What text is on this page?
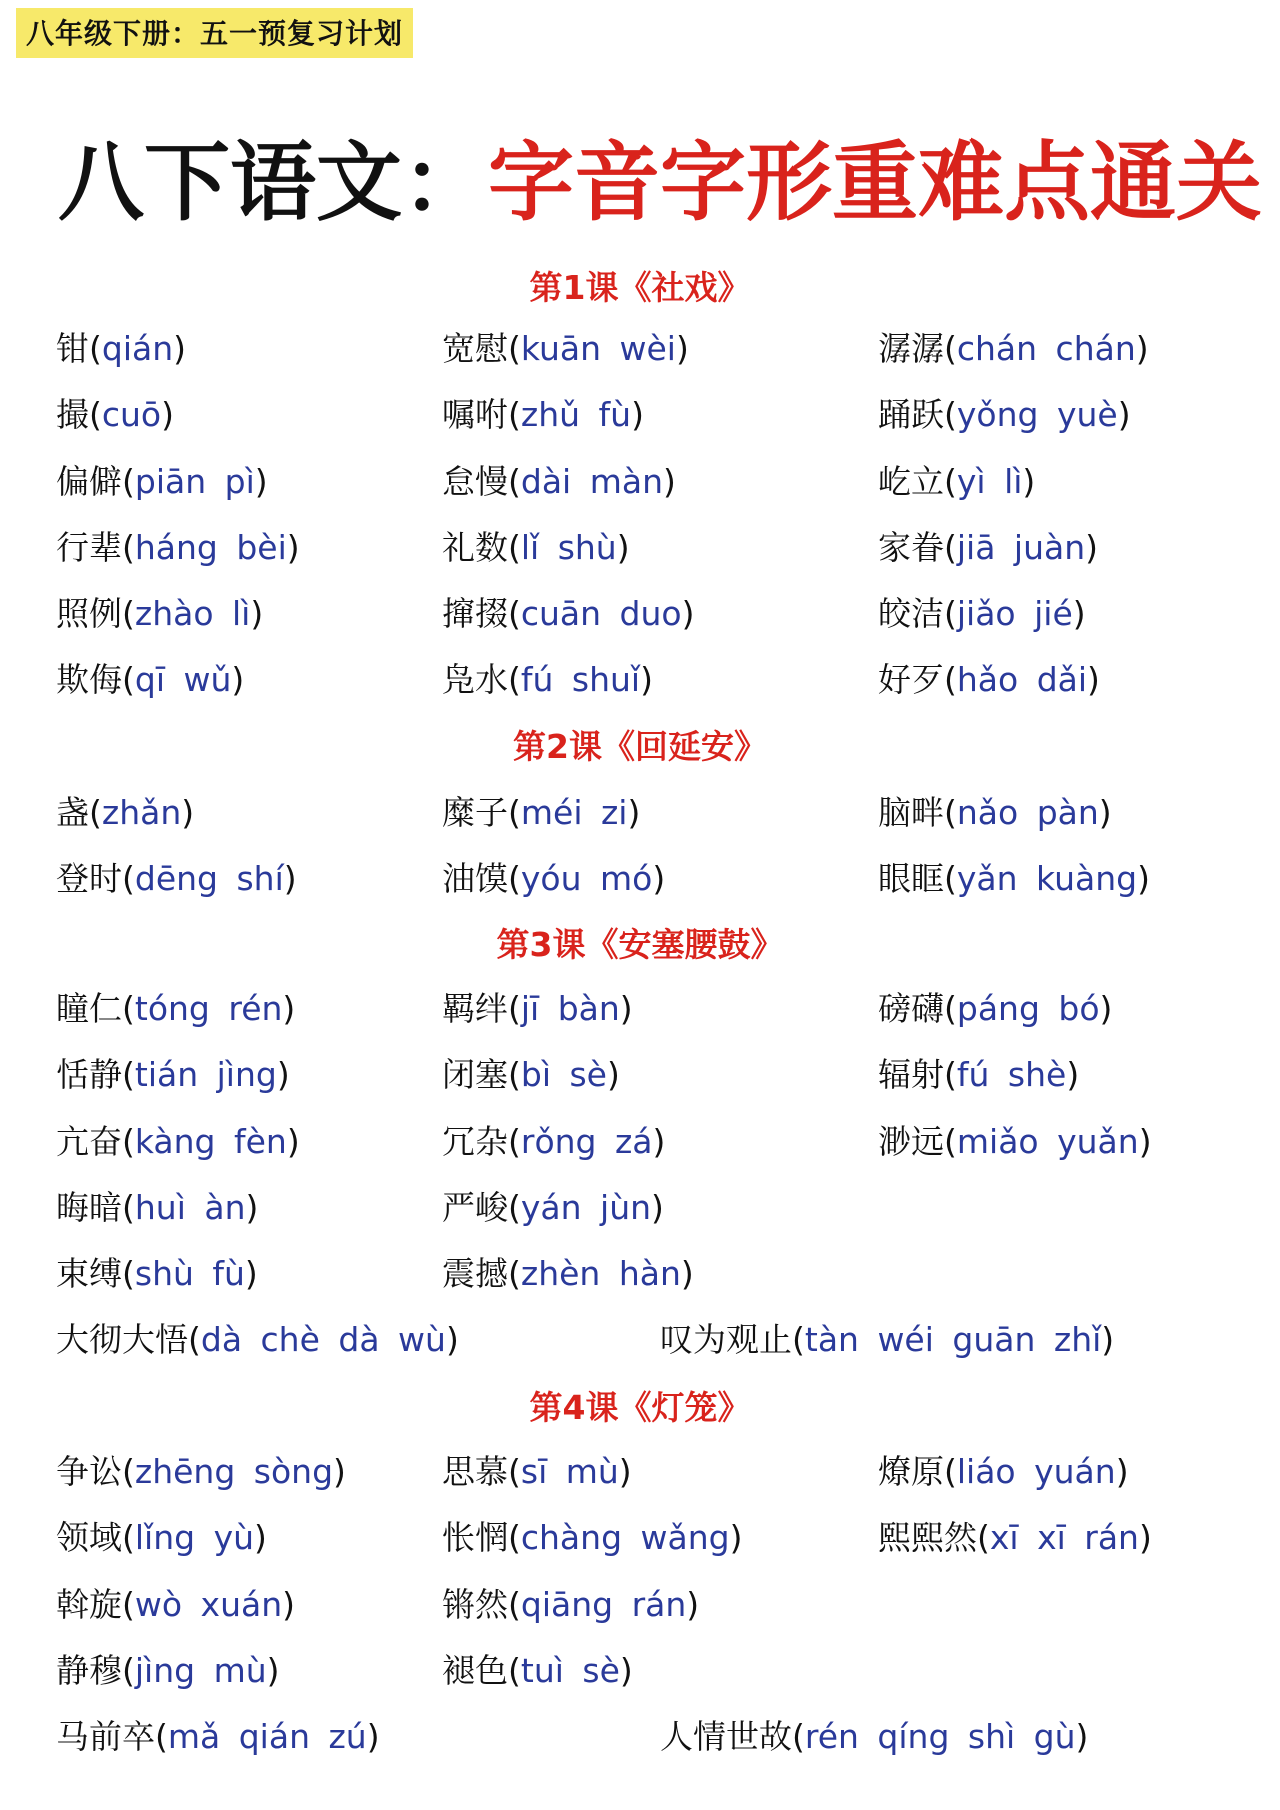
八年级下册：五一预复习计划
八下语文：字音字形重难点通关
第1课《社戏》
钳(qián)	宽慰(kuān wèi)	潺潺(chán chán)
撮(cuō)	嘱咐(zhǔ fù)	踊跃(yǒng yuè)
偏僻(piān pì)	怠慢(dài màn)	屹立(yì lì)
行辈(háng bèi)	礼数(lǐ shù)	家眷(jiā juàn)
照例(zhào lì)	撺掇(cuān duo)	皎洁(jiǎo jié)
欺侮(qī wǔ)	凫水(fú shuǐ)	好歹(hǎo dǎi)
第2课《回延安》
盏(zhǎn)	糜子(méi zi)	脑畔(nǎo pàn)
登时(dēng shí)	油馍(yóu mó)	眼眶(yǎn kuàng)
第3课《安塞腰鼓》
瞳仁(tóng rén)	羁绊(jī bàn)	磅礴(páng bó)
恬静(tián jìng)	闭塞(bì sè)	辐射(fú shè)
亢奋(kàng fèn)	冗杂(rǒng zá)	渺远(miǎo yuǎn)
晦暗(huì àn)	严峻(yán jùn)
束缚(shù fù)	震撼(zhèn hàn)
大彻大悟(dà chè dà wù)	叹为观止(tàn wéi guān zhǐ)
第4课《灯笼》
争讼(zhēng sòng)	思慕(sī mù)	燎原(liáo yuán)
领域(lǐng yù)	怅惘(chàng wǎng)	熙熙然(xī xī rán)
斡旋(wò xuán)	锵然(qiāng rán)
静穆(jìng mù)	褪色(tuì sè)
马前卒(mǎ qián zú)	人情世故(rén qíng shì gù)
